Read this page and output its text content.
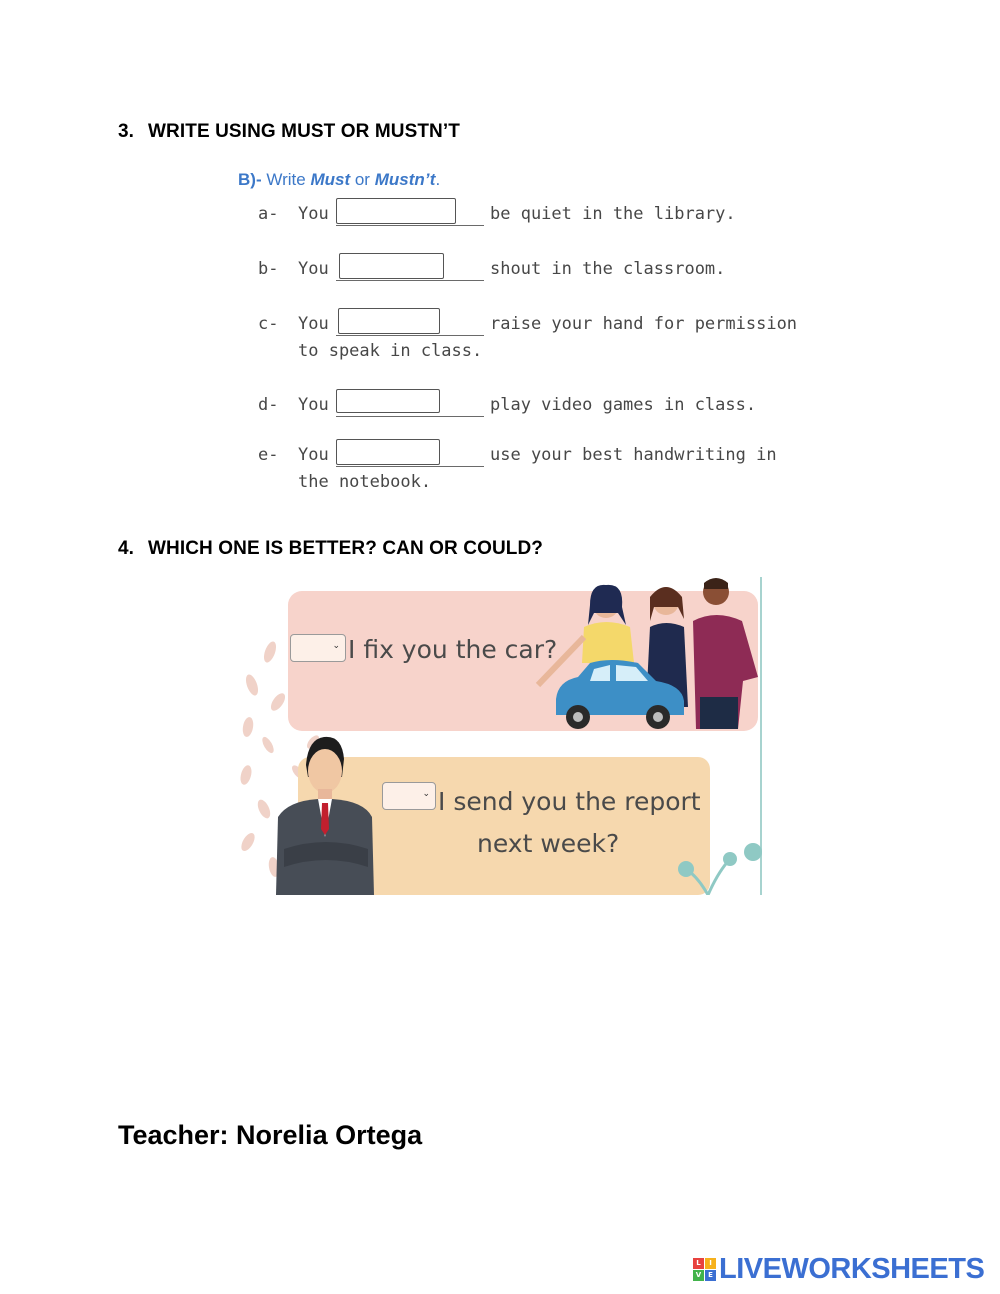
3. WRITE USING MUST OR MUSTN’T
B)- Write Must or Mustn’t.
a- You	be quiet in the library.
b- You	shout in the classroom.
c- You	raise your hand for permission
to speak in class.
d- You	play video games in class.
e- You	use your best handwriting in
the notebook.
4. WHICH ONE IS BETTER? CAN OR COULD?
⌄ I fix you the car?
⌄ I send you the report
next week?
Teacher: Norelia Ortega
L	I
V E LIVEWORKSHEETS
